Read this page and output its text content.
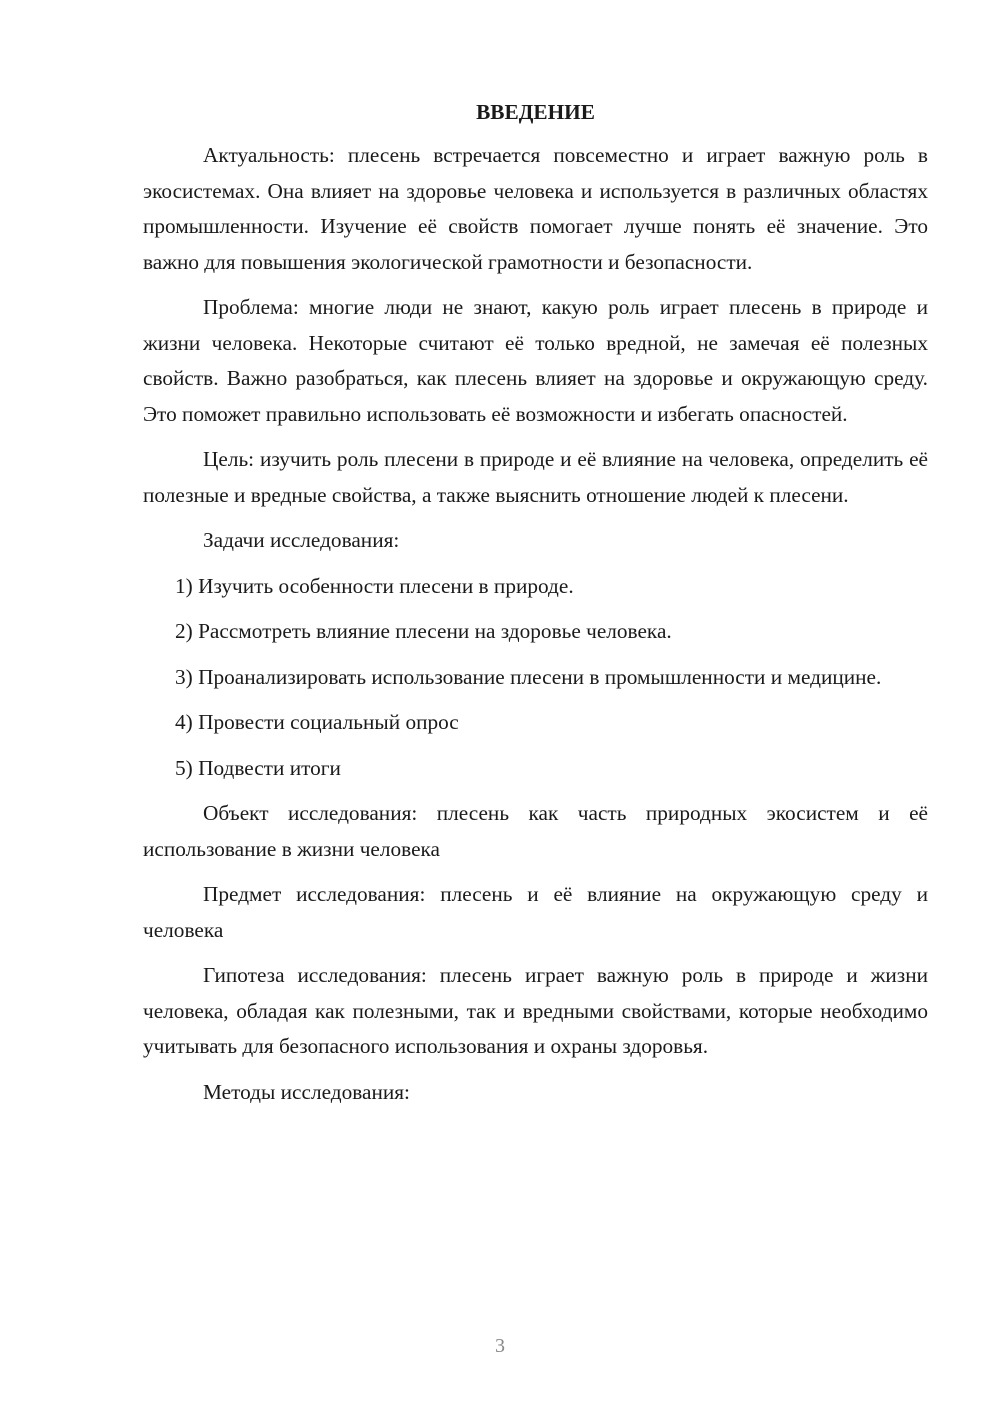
ВВЕДЕНИЕ

Актуальность: плесень встречается повсеместно и играет важную роль в экосистемах. Она влияет на здоровье человека и используется в различных областях промышленности. Изучение её свойств помогает лучше понять её значение. Это важно для повышения экологической грамотности и безопасности.

Проблема: многие люди не знают, какую роль играет плесень в природе и жизни человека. Некоторые считают её только вредной, не замечая её полезных свойств. Важно разобраться, как плесень влияет на здоровье и окружающую среду. Это поможет правильно использовать её возможности и избегать опасностей.

Цель: изучить роль плесени в природе и её влияние на человека, определить её полезные и вредные свойства, а также выяснить отношение людей к плесени.

Задачи исследования:

1) Изучить особенности плесени в природе.

2) Рассмотреть влияние плесени на здоровье человека.

3) Проанализировать использование плесени в промышленности и медицине.

4) Провести социальный опрос

5) Подвести итоги

Объект исследования: плесень как часть природных экосистем и её использование в жизни человека

Предмет исследования: плесень и её влияние на окружающую среду и человека

Гипотеза исследования: плесень играет важную роль в природе и жизни человека, обладая как полезными, так и вредными свойствами, которые необходимо учитывать для безопасного использования и охраны здоровья.

Методы исследования:

3
